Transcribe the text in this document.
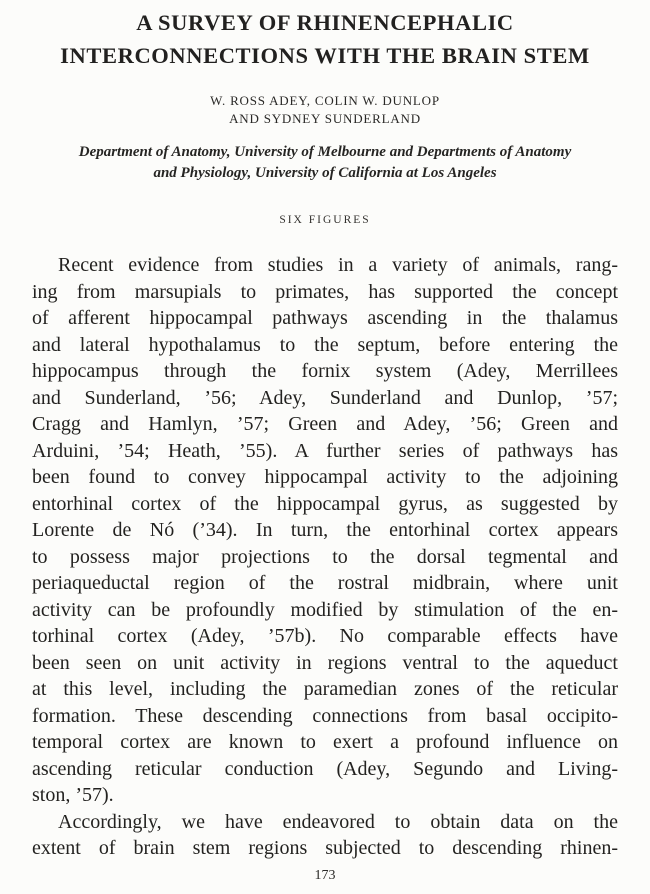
A SURVEY OF RHINENCEPHALIC
INTERCONNECTIONS WITH THE BRAIN STEM
W. ROSS ADEY, COLIN W. DUNLOP
AND SYDNEY SUNDERLAND
Department of Anatomy, University of Melbourne and Departments of Anatomy
and Physiology, University of California at Los Angeles
SIX FIGURES
Recent evidence from studies in a variety of animals, rang-
ing from marsupials to primates, has supported the concept
of afferent hippocampal pathways ascending in the thalamus
and lateral hypothalamus to the septum, before entering the
hippocampus through the fornix system (Adey, Merrillees
and Sunderland, ’56; Adey, Sunderland and Dunlop, ’57;
Cragg and Hamlyn, ’57; Green and Adey, ’56; Green and
Arduini, ’54; Heath, ’55). A further series of pathways has
been found to convey hippocampal activity to the adjoining
entorhinal cortex of the hippocampal gyrus, as suggested by
Lorente de Nó (’34). In turn, the entorhinal cortex appears
to possess major projections to the dorsal tegmental and
periaqueductal region of the rostral midbrain, where unit
activity can be profoundly modified by stimulation of the en-
torhinal cortex (Adey, ’57b). No comparable effects have
been seen on unit activity in regions ventral to the aqueduct
at this level, including the paramedian zones of the reticular
formation. These descending connections from basal occipito-
temporal cortex are known to exert a profound influence on
ascending reticular conduction (Adey, Segundo and Living-
ston, ’57).
Accordingly, we have endeavored to obtain data on the
extent of brain stem regions subjected to descending rhinen-
173
